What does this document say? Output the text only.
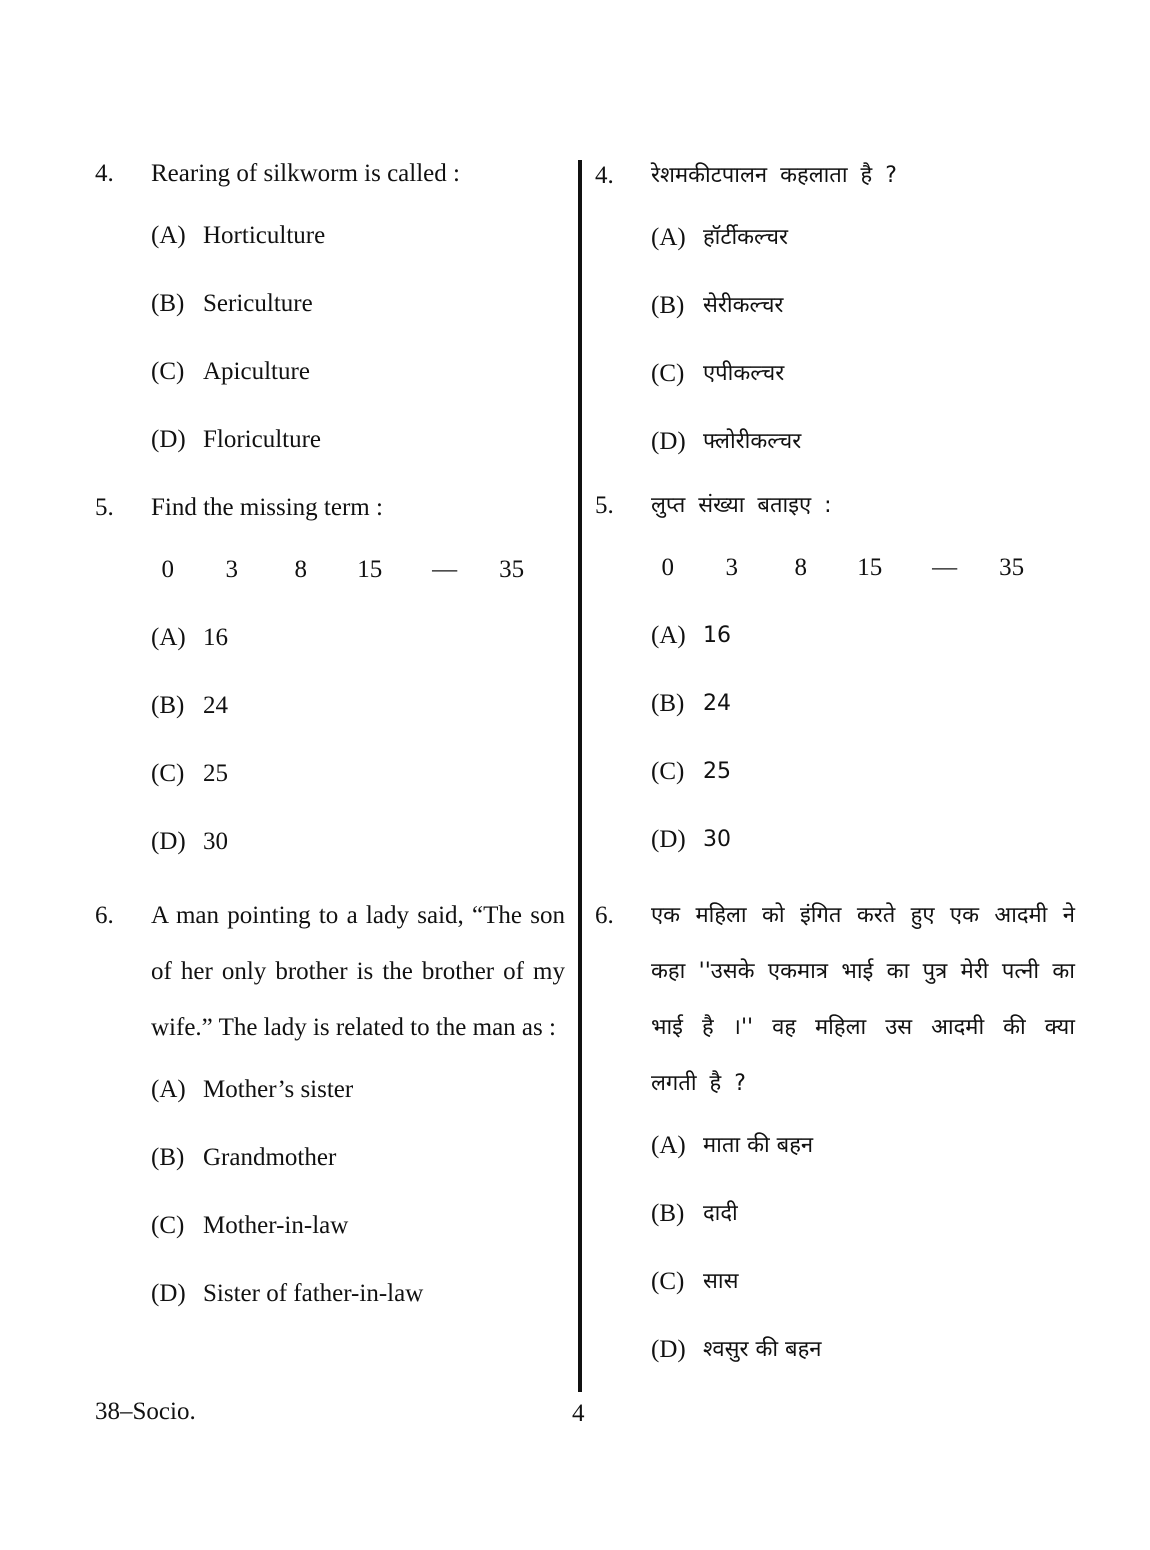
4.	Rearing of silkworm is called :
(A) Horticulture
(B) Sericulture
(C) Apiculture
(D) Floriculture
5.	Find the missing term :
0	3	8	15	—	35
(A) 16
(B) 24
(C) 25
(D) 30
6.	A man pointing to a lady said, “The son of her only brother is the brother of my wife.” The lady is related to the man as :
(A) Mother’s sister
(B) Grandmother
(C) Mother-in-law
(D) Sister of father-in-law
4.	रेशमकीटपालन कहलाता है ?
(A) हॉर्टीकल्चर
(B) सेरीकल्चर
(C) एपीकल्चर
(D) फ्लोरीकल्चर
5.	लुप्त संख्या बताइए :
0	3	8	15	—	35
(A) 16
(B) 24
(C) 25
(D) 30
6.	एक महिला को इंगित करते हुए एक आदमी ने कहा ''उसके एकमात्र भाई का पुत्र मेरी पत्नी का भाई है ।'' वह महिला उस आदमी की क्या लगती है ?
(A) माता की बहन
(B) दादी
(C) सास
(D) श्वसुर की बहन
38–Socio.	4
